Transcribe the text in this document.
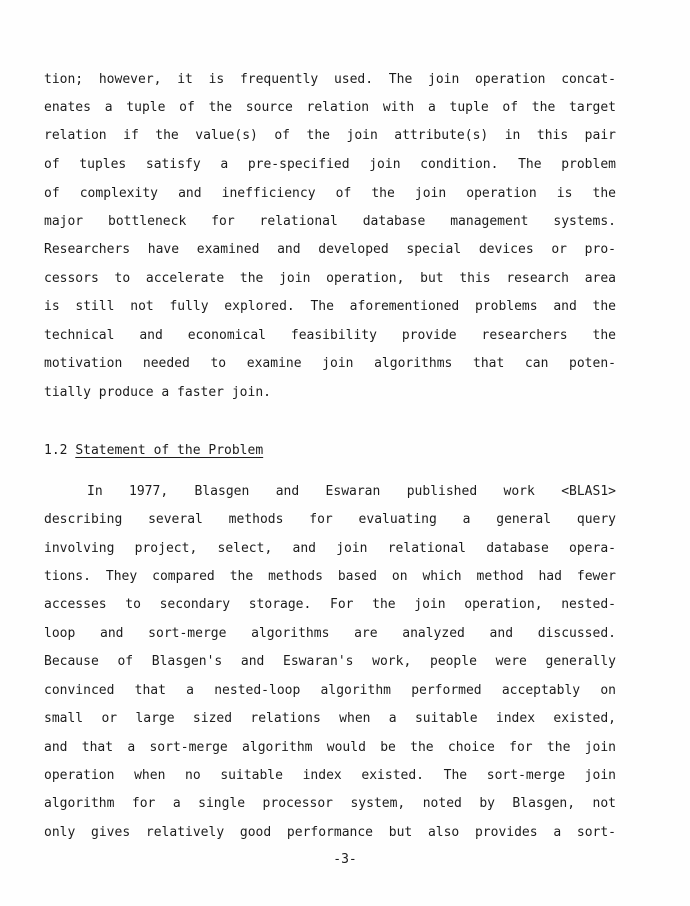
tion; however, it is frequently used. The join operation concat-
enates a tuple of the source relation with a tuple of the target
relation if the value(s) of the join attribute(s) in this pair
of tuples satisfy a pre-specified join condition. The problem
of complexity and inefficiency of the join operation is the
major bottleneck for relational database management systems.
Researchers have examined and developed special devices or pro-
cessors to accelerate the join operation, but this research area
is still not fully explored. The aforementioned problems and the
technical and economical feasibility provide researchers the
motivation needed to examine join algorithms that can poten-
tially produce a faster join.
1.2 Statement of the Problem
In 1977, Blasgen and Eswaran published work <BLAS1>
describing several methods for evaluating a general query
involving project, select, and join relational database opera-
tions. They compared the methods based on which method had fewer
accesses to secondary storage. For the join operation, nested-
loop and sort-merge algorithms are analyzed and discussed.
Because of Blasgen's and Eswaran's work, people were generally
convinced that a nested-loop algorithm performed acceptably on
small or large sized relations when a suitable index existed,
and that a sort-merge algorithm would be the choice for the join
operation when no suitable index existed. The sort-merge join
algorithm for a single processor system, noted by Blasgen, not
only gives relatively good performance but also provides a sort-
-3-
